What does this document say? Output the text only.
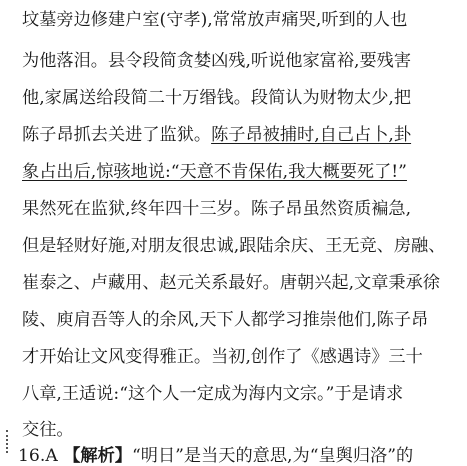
坟墓旁边修建户室(守孝),常常放声痛哭,听到的人也
为他落泪。县令段简贪婪凶残,听说他家富裕,要残害
他,家属送给段简二十万缗钱。段简认为财物太少,把
陈子昂抓去关进了监狱。陈子昂被捕时,自己占卜,卦
象占出后,惊骇地说:“天意不肯保佑,我大概要死了!”
果然死在监狱,终年四十三岁。陈子昂虽然资质褊急,
但是轻财好施,对朋友很忠诚,跟陆余庆、王无竞、房融、
崔泰之、卢藏用、赵元关系最好。唐朝兴起,文章秉承徐
陵、庾肩吾等人的余风,天下人都学习推崇他们,陈子昂
才开始让文风变得雅正。当初,创作了《感遇诗》三十
八章,王适说:“这个人一定成为海内文宗。”于是请求
交往。
16.A 【解析】“明日”是当天的意思,为“皇舆归洛”的
